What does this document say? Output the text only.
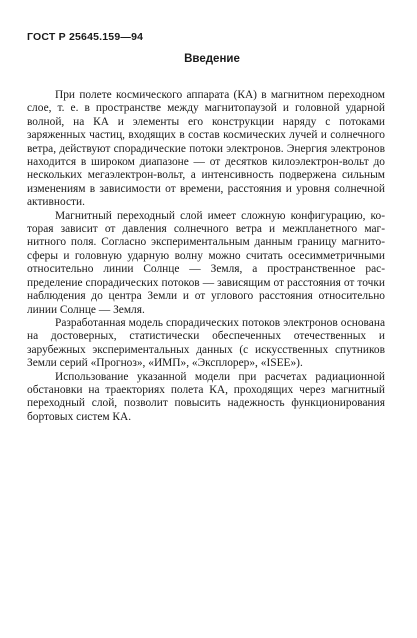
ГОСТ Р 25645.159—94
Введение

При полете космического аппарата (КА) в магнитном переходном слое, т. е. в пространстве между магнитопаузой и головной ударной волной, на КА и элементы его конструкции наряду с потоками заряженных частиц, входящих в состав космических лучей и солнечного ветра, действуют спорадические потоки электронов. Энергия электронов находится в широком диапазоне — от десятков килоэлектрон-вольт до нескольких мегаэлектрон-вольт, а интенсивность подвержена сильным изменениям в зависимости от времени, расстояния и уровня солнечной активности.

Магнитный переходный слой имеет сложную конфигурацию, которая зависит от давления солнечного ветра и межпланетного магнитного поля. Согласно экспериментальным данным границу магнитосферы и головную ударную волну можно считать осесимметричными относительно линии Солнце — Земля, а пространственное распределение спорадических потоков — зависящим от расстояния от точки наблюдения до центра Земли и от углового расстояния относительно линии Солнце — Земля.

Разработанная модель спорадических потоков электронов основана на достоверных, статистически обеспеченных отечественных и зарубежных экспериментальных данных (с искусственных спутников Земли серий «Прогноз», «ИМП», «Эксплорер», «ISEE»).

Использование указанной модели при расчетах радиационной обстановки на траекториях полета КА, проходящих через магнитный переходный слой, позволит повысить надежность функционирования бортовых систем КА.
